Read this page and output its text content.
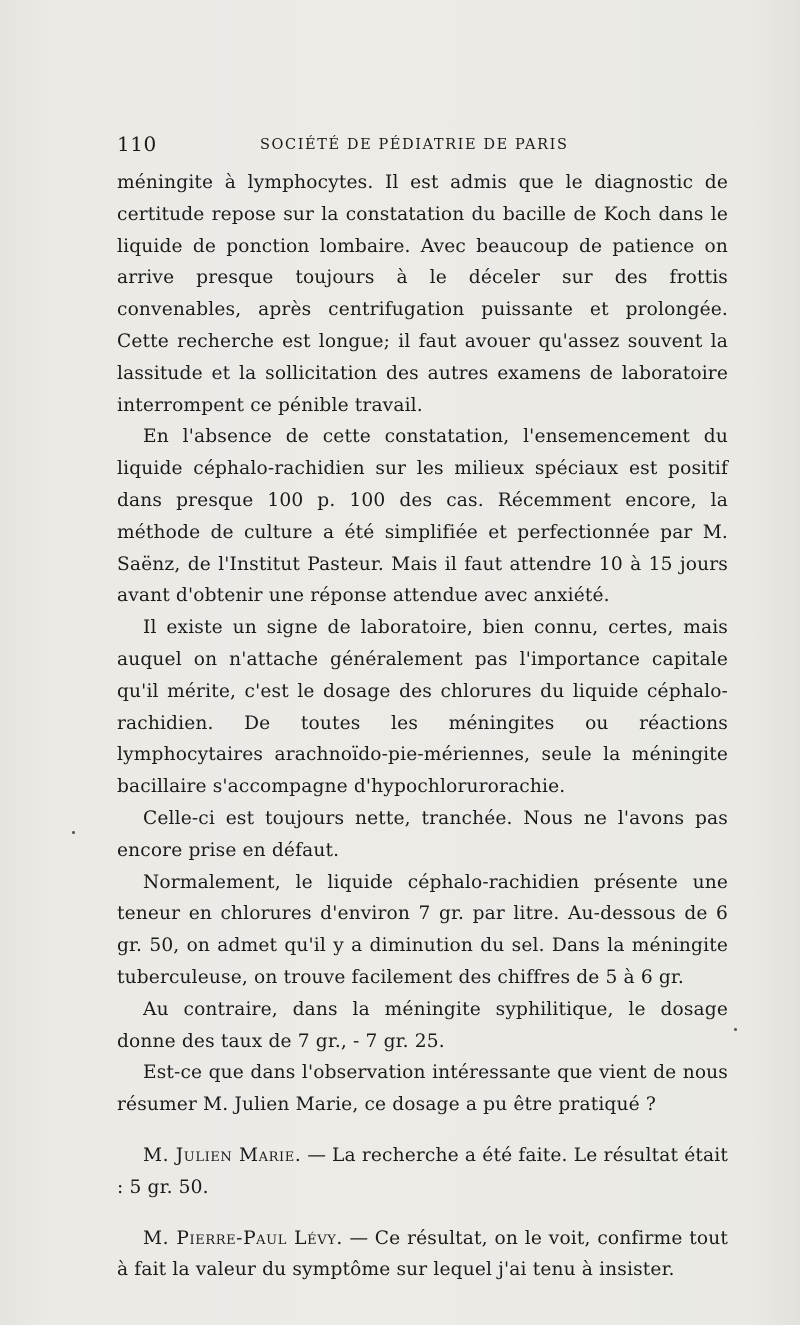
110	SOCIÉTÉ DE PÉDIATRIE DE PARIS

méningite à lymphocytes. Il est admis que le diagnostic de certitude repose sur la constatation du bacille de Koch dans le liquide de ponction lombaire. Avec beaucoup de patience on arrive presque toujours à le déceler sur des frottis convenables, après centrifugation puissante et prolongée. Cette recherche est longue; il faut avouer qu'assez souvent la lassitude et la sollicitation des autres examens de laboratoire interrompent ce pénible travail.

En l'absence de cette constatation, l'ensemencement du liquide céphalo-rachidien sur les milieux spéciaux est positif dans presque 100 p. 100 des cas. Récemment encore, la méthode de culture a été simplifiée et perfectionnée par M. Saënz, de l'Institut Pasteur. Mais il faut attendre 10 à 15 jours avant d'obtenir une réponse attendue avec anxiété.

Il existe un signe de laboratoire, bien connu, certes, mais auquel on n'attache généralement pas l'importance capitale qu'il mérite, c'est le dosage des chlorures du liquide céphalo-rachidien. De toutes les méningites ou réactions lymphocytaires arachnoïdo-pie-mériennes, seule la méningite bacillaire s'accompagne d'hypochlorurorachie.

Celle-ci est toujours nette, tranchée. Nous ne l'avons pas encore prise en défaut.

Normalement, le liquide céphalo-rachidien présente une teneur en chlorures d'environ 7 gr. par litre. Au-dessous de 6 gr. 50, on admet qu'il y a diminution du sel. Dans la méningite tuberculeuse, on trouve facilement des chiffres de 5 à 6 gr.

Au contraire, dans la méningite syphilitique, le dosage donne des taux de 7 gr., - 7 gr. 25.

Est-ce que dans l'observation intéressante que vient de nous résumer M. Julien Marie, ce dosage a pu être pratiqué ?

M. Julien Marie. — La recherche a été faite. Le résultat était : 5 gr. 50.

M. Pierre-Paul Lévy. — Ce résultat, on le voit, confirme tout à fait la valeur du symptôme sur lequel j'ai tenu à insister.
